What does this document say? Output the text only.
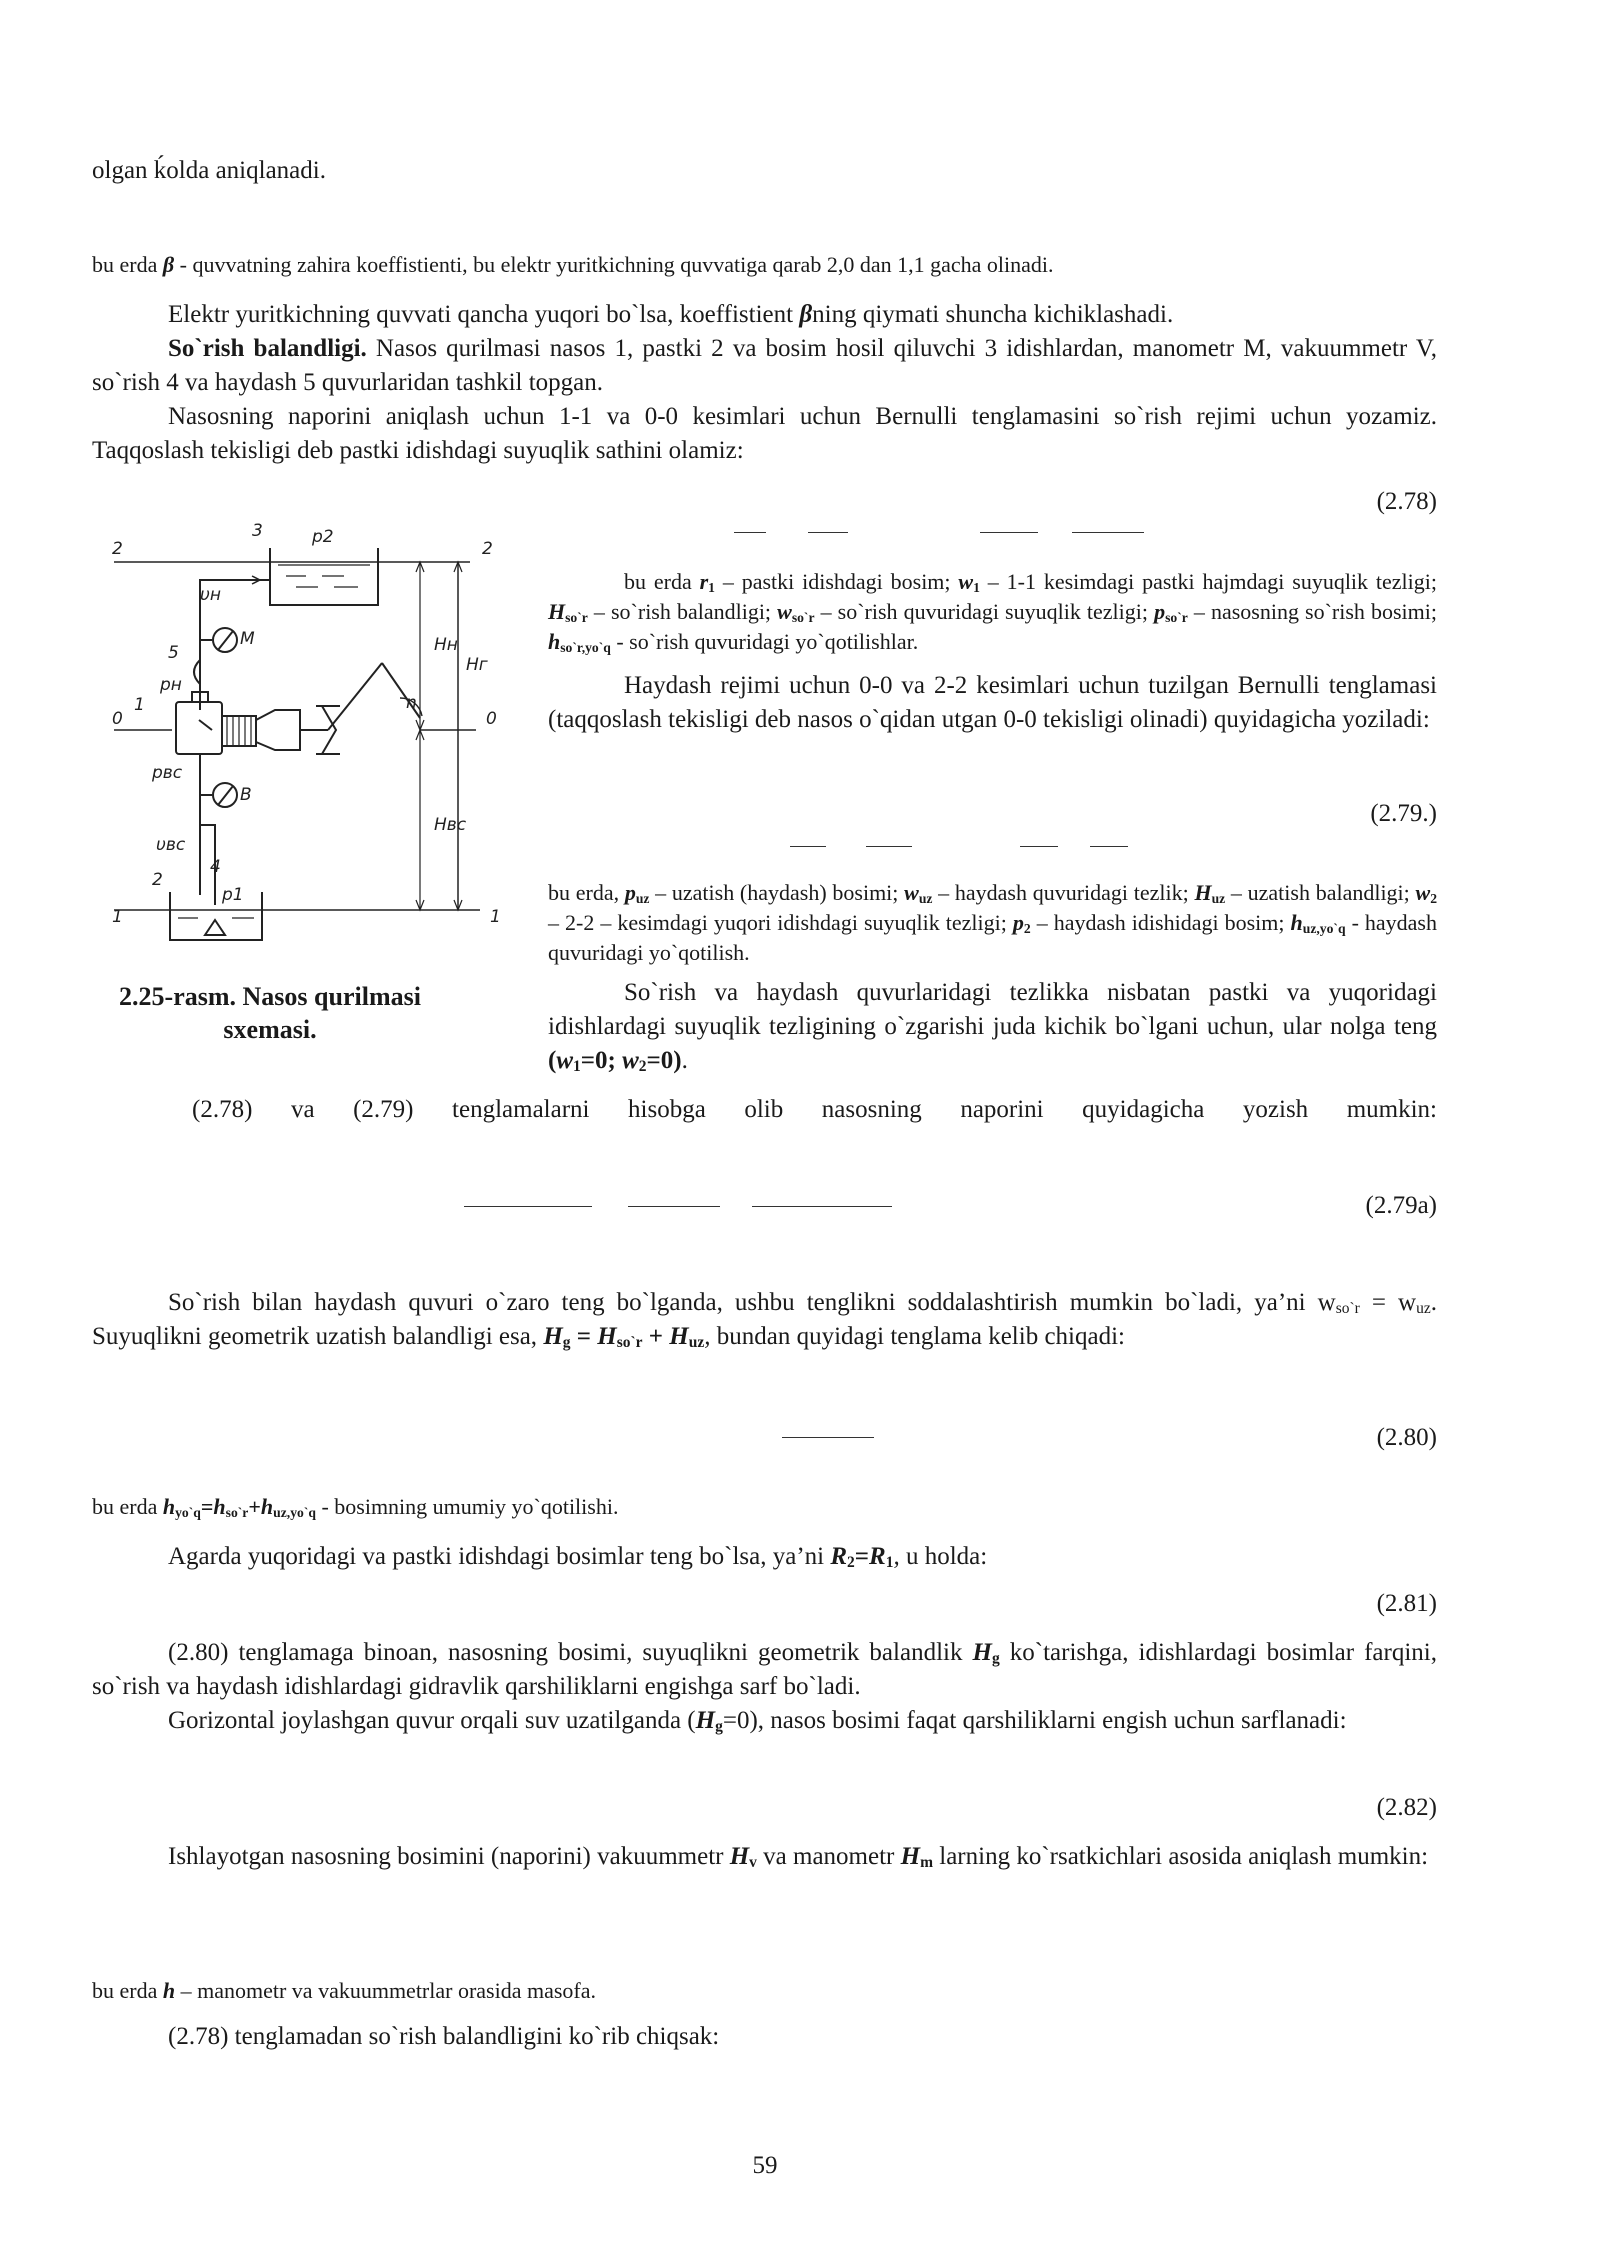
olgan ḱolda aniqlanadi.

bu erda β - quvvatning zahira koeffistienti, bu elektr yuritkichning quvvatiga qarab 2,0 dan 1,1 gacha olinadi.

Elektr yuritkichning quvvati qancha yuqori bo`lsa, koeffistient βning qiymati shuncha kichiklashadi.

So`rish balandligi. Nasos qurilmasi nasos 1, pastki 2 va bosim hosil qiluvchi 3 idishlardan, manometr M, vakuummetr V, so`rish 4 va haydash 5 quvurlaridan tashkil topgan.

Nasosning naporini aniqlash uchun 1-1 va 0-0 kesimlari uchun Bernulli tenglamasini so`rish rejimi uchun yozamiz. Taqqoslash tekisligi deb pastki idishdagi suyuqlik sathini olamiz:

3	p2
2	2
υн
Hн
Hг
5
M
pн
1
0	0
n
pвс
B
Hвс
υвс
2
4
p1
1	1
2.25-rasm. Nasos qurilmasi
sxemasi.
(2.78)

bu erda $r_1$ – pastki idishdagi bosim; $w_1 - 1-1$ kesimdagi pastki hajmdagi suyuqlik tezligi; $H_{so`r}$ – so`rish balandligi; $w_{so`r}$ – so`rish quvuridagi suyuqlik tezligi; $p_{so`r}$ – nasosning so`rish bosimi; $h_{so`r,yo`q}$ - so`rish quvuridagi yo`qotilishlar.

Haydash rejimi uchun 0-0 va 2-2 kesimlari uchun tuzilgan Bernulli tenglamasi (taqqoslash tekisligi deb nasos o`qidan utgan 0-0 tekisligi olinadi) quyidagicha yoziladi:

(2.79.)

bu erda, $p_{uz}$ – uzatish (haydash) bosimi; $w_{uz}$ – haydash quvuridagi tezlik; $H_{uz}$ – uzatish balandligi; $w_2 - 2-2$ – kesimdagi yuqori idishdagi suyuqlik tezligi; $p_2$ – haydash idishidagi bosim; $h_{uz,yo`q}$ - haydash quvuridagi yo`qotilish.

So`rish va haydash quvurlaridagi tezlikka nisbatan pastki va yuqoridagi idishlardagi suyuqlik tezligining o`zgarishi juda kichik bo`lgani uchun, ular nolga teng ($w_1=0$; $w_2=0$).

(2.78) va (2.79) tenglamalarni hisobga olib nasosning naporini quyidagicha yozish mumkin:

(2.79a)

So`rish bilan haydash quvuri o`zaro teng bo`lganda, ushbu tenglikni soddalashtirish mumkin bo`ladi, ya’ni $w_{so`r} = w_{uz}$. Suyuqlikni geometrik uzatish balandligi esa, $H_g = H_{so`r} + H_{uz}$, bundan quyidagi tenglama kelib chiqadi:

(2.80)

bu erda $h_{yo`q}=h_{so`r}+h_{uz,yo`q}$ - bosimning umumiy yo`qotilishi.

Agarda yuqoridagi va pastki idishdagi bosimlar teng bo`lsa, ya’ni $R_2=R_1$, u holda:

(2.81)

(2.80) tenglamaga binoan, nasosning bosimi, suyuqlikni geometrik balandlik $H_g$ ko`tarishga, idishlardagi bosimlar farqini, so`rish va haydash idishlardagi gidravlik qarshiliklarni engishga sarf bo`ladi.

Gorizontal joylashgan quvur orqali suv uzatilganda $(H_g=0)$, nasos bosimi faqat qarshiliklarni engish uchun sarflanadi:

(2.82)

Ishlayotgan nasosning bosimini (naporini) vakuummetr $H_v$ va manometr $H_m$ larning ko`rsatkichlari asosida aniqlash mumkin:

bu erda h – manometr va vakuummetrlar orasida masofa.

(2.78) tenglamadan so`rish balandligini ko`rib chiqsak:

59
